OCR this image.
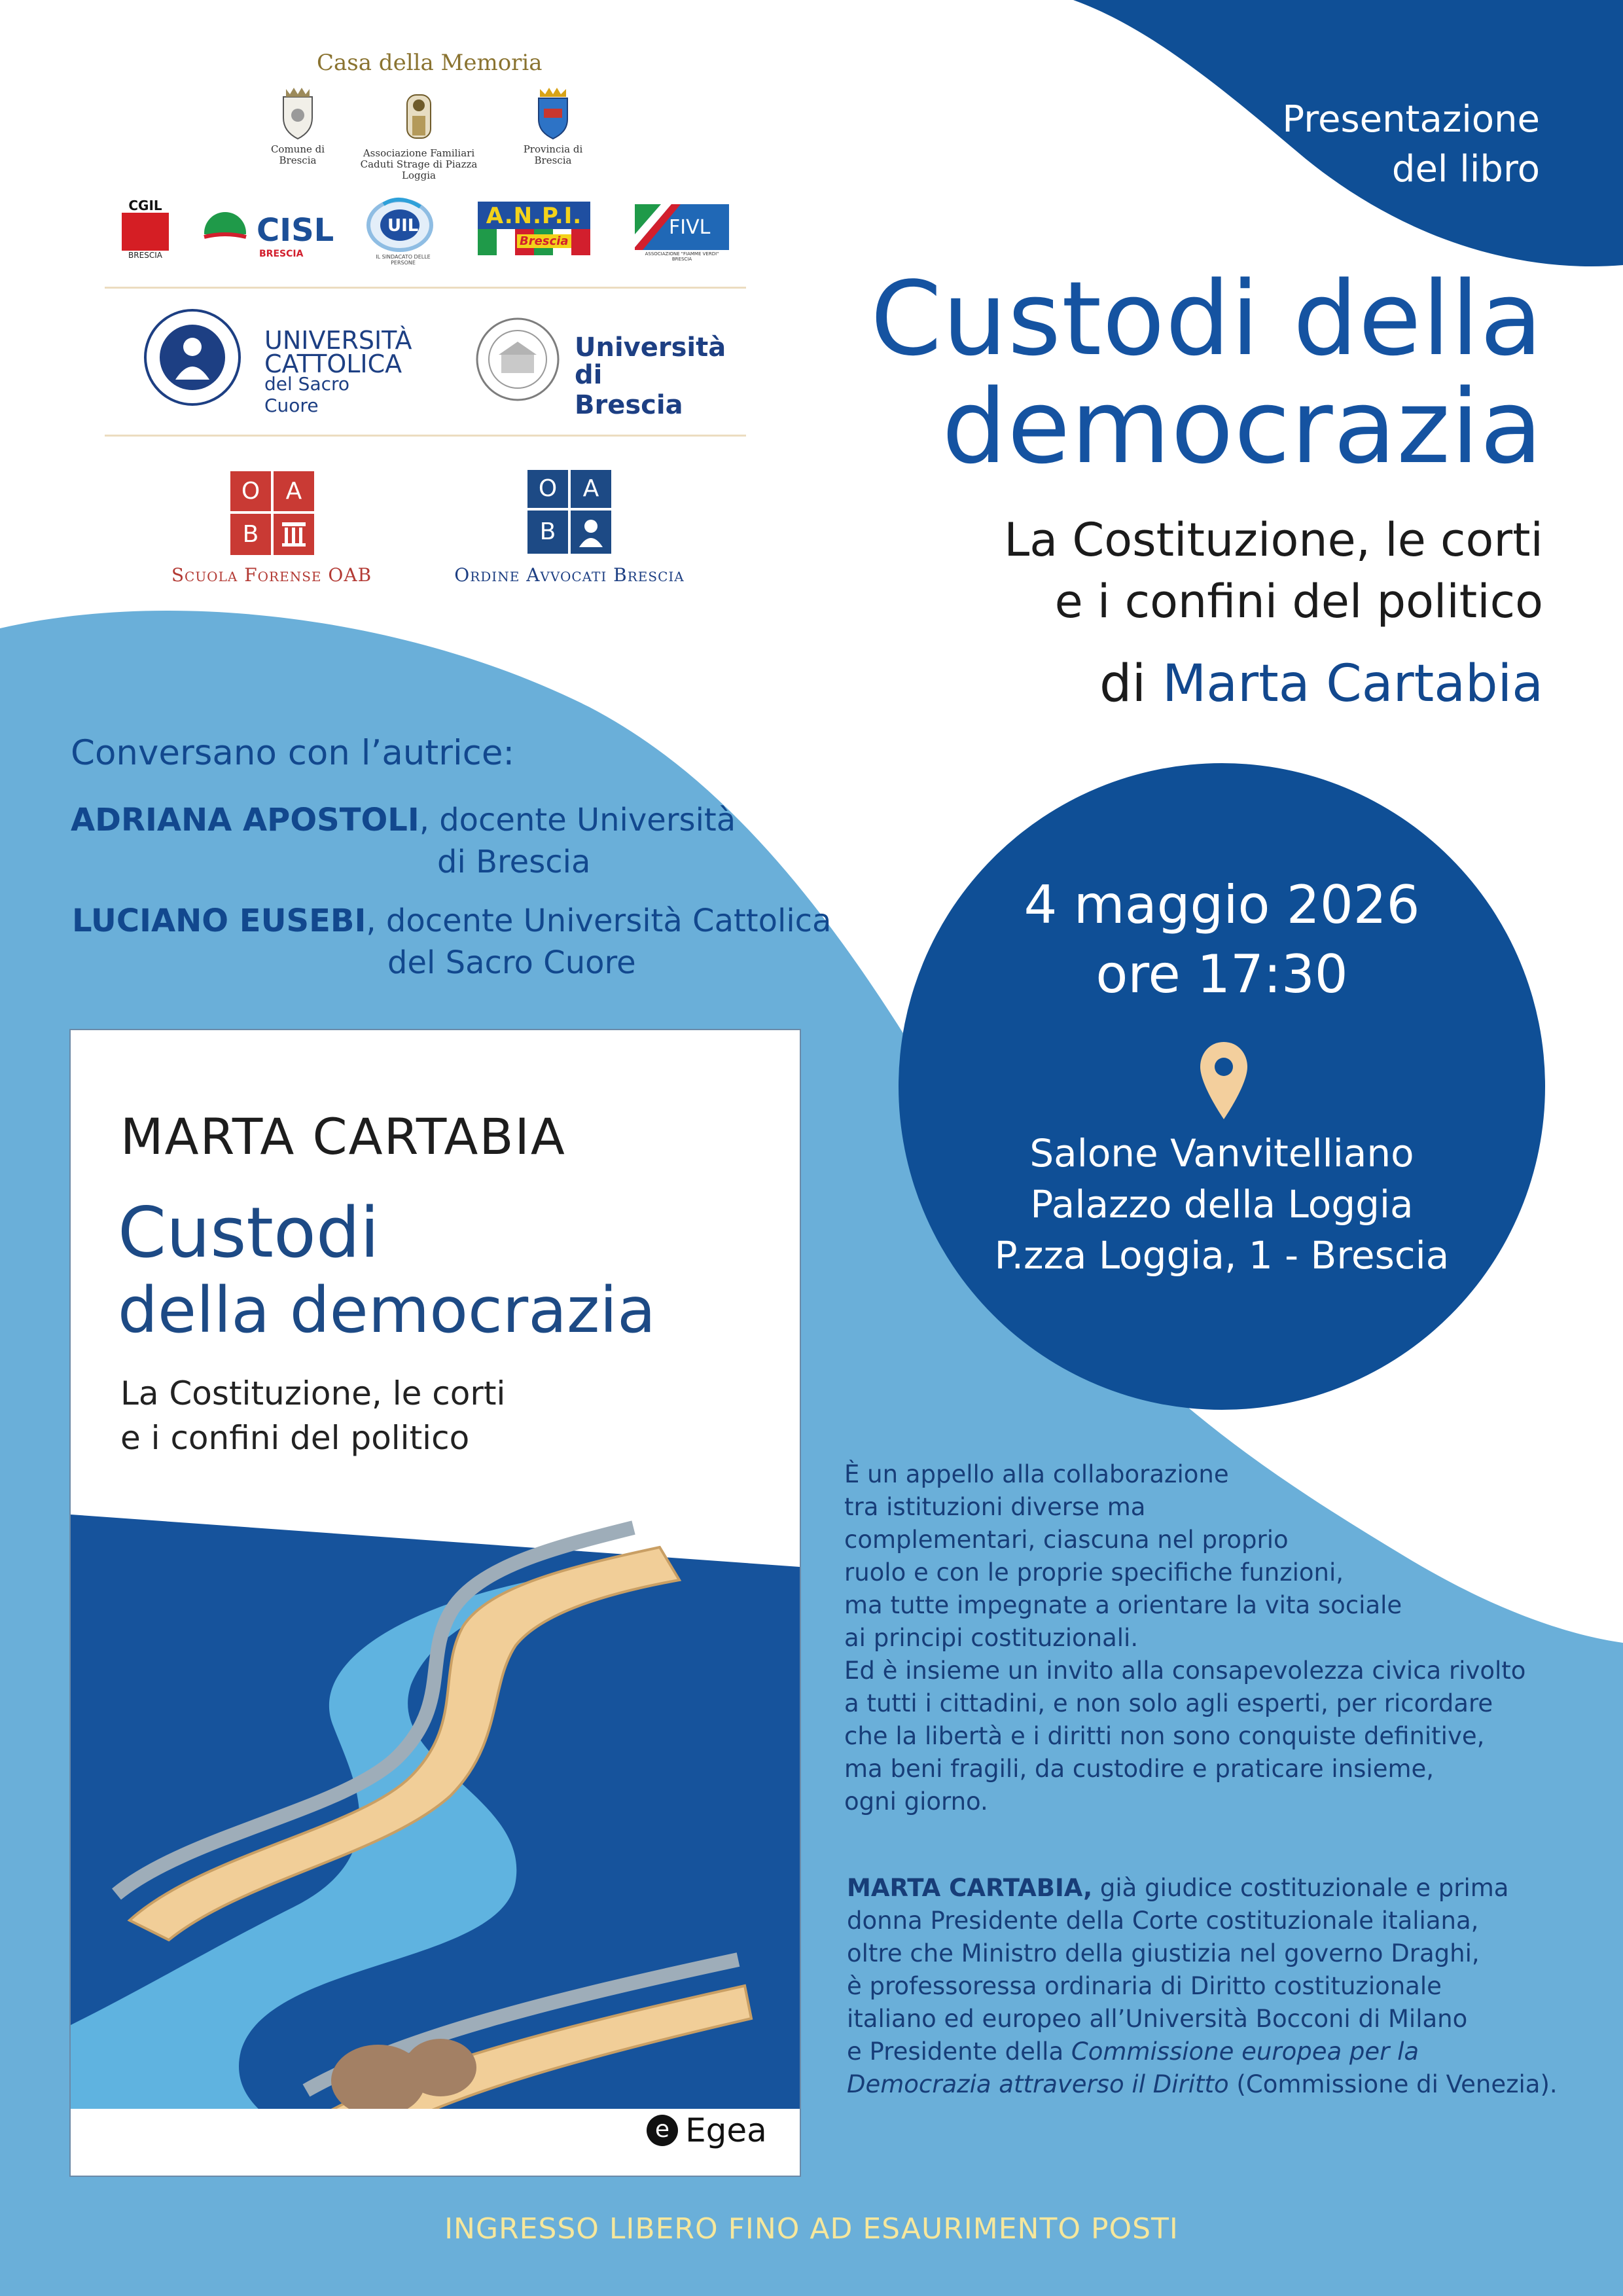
Casa della Memoria
Comune di Brescia
Associazione Familiari Caduti Strage di Piazza Loggia
Provincia di Brescia
CGIL
BRESCIA
CISL
BRESCIA
UIL
IL SINDACATO DELLE PERSONE
A.N.P.I.
Brescia
FIVL
ASSOCIAZIONE "FIAMME VERDI" BRESCIA
UNIVERSITÀ
CATTOLICA
del Sacro Cuore
Università
di Brescia
O	A
B
Scuola Forense OAB
O	A
B
Ordine Avvocati Brescia
Presentazione
del libro
Custodi della
democrazia
La Costituzione, le corti
e i confini del politico
di Marta Cartabia
Conversano con l’autrice:
ADRIANA APOSTOLI, docente Università
di Brescia
LUCIANO EUSEBI, docente Università Cattolica
del Sacro Cuore
4 maggio 2026
ore 17:30
Salone Vanvitelliano
Palazzo della Loggia
P.zza Loggia, 1 - Brescia
MARTA CARTABIA
Custodi
della democrazia
La Costituzione, le corti
e i confini del politico
e Egea
È un appello alla collaborazione
tra istituzioni diverse ma
complementari, ciascuna nel proprio
ruolo e con le proprie specifiche funzioni,
ma tutte impegnate a orientare la vita sociale
ai principi costituzionali.
Ed è insieme un invito alla consapevolezza civica rivolto
a tutti i cittadini, e non solo agli esperti, per ricordare
che la libertà e i diritti non sono conquiste definitive,
ma beni fragili, da custodire e praticare insieme,
ogni giorno.
MARTA CARTABIA, già giudice costituzionale e prima
donna Presidente della Corte costituzionale italiana,
oltre che Ministro della giustizia nel governo Draghi,
è professoressa ordinaria di Diritto costituzionale
italiano ed europeo all’Università Bocconi di Milano
e Presidente della Commissione europea per la
Democrazia attraverso il Diritto (Commissione di Venezia).
INGRESSO LIBERO FINO AD ESAURIMENTO POSTI
